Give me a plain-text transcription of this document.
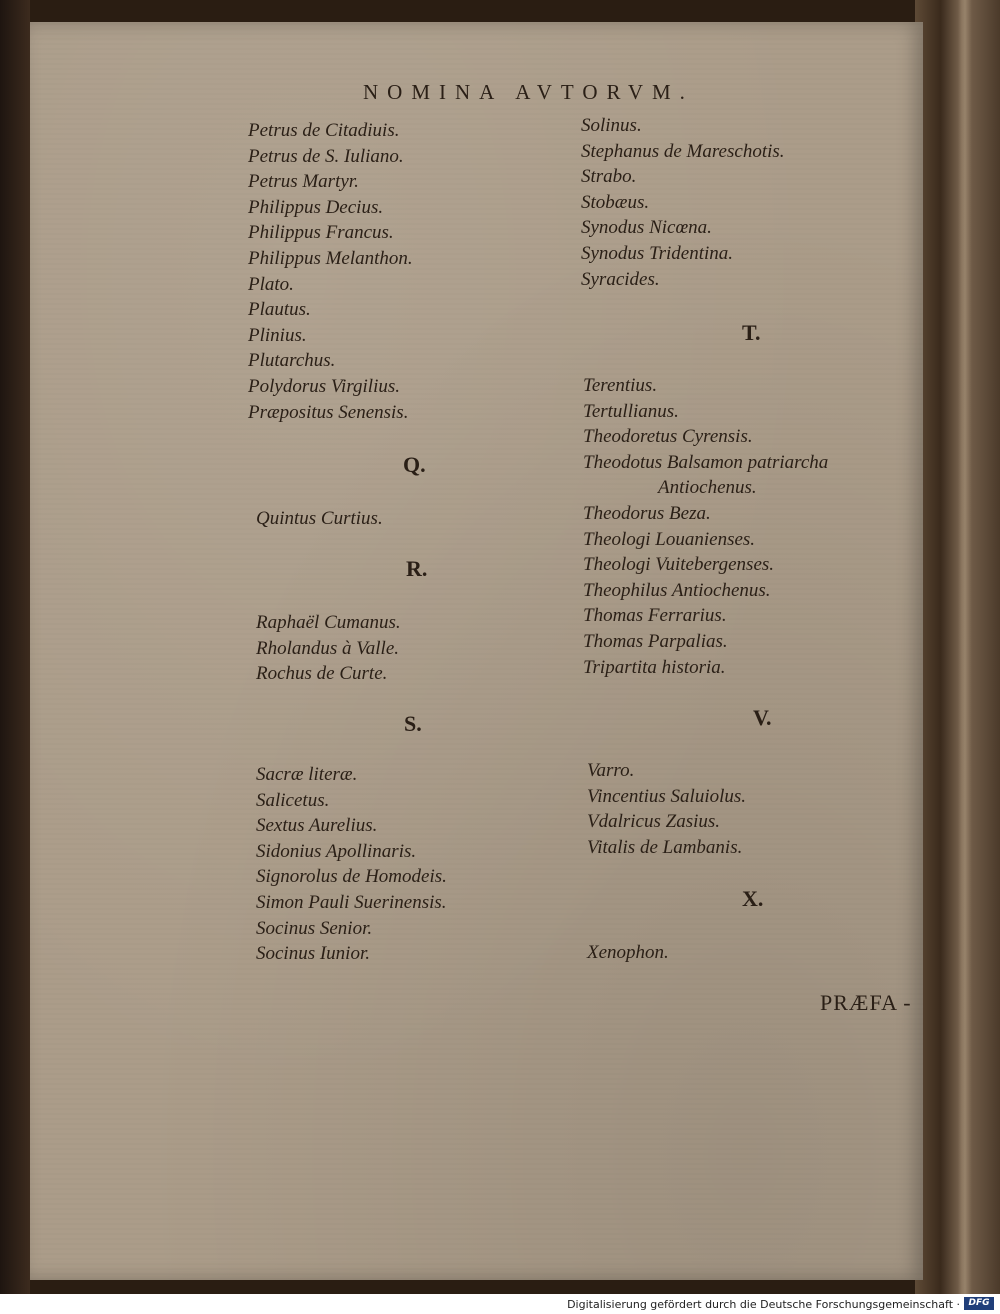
NOMINA AVTORVM.
Petrus de Citadiuis.
Petrus de S. Iuliano.
Petrus Martyr.
Philippus Decius.
Philippus Francus.
Philippus Melanthon.
Plato.
Plautus.
Plinius.
Plutarchus.
Polydorus Virgilius.
Præpositus Senensis.
Q.
Quintus Curtius.
R.
Raphaël Cumanus.
Rholandus à Valle.
Rochus de Curte.
S.
Sacræ literæ.
Salicetus.
Sextus Aurelius.
Sidonius Apollinaris.
Signorolus de Homodeis.
Simon Pauli Suerinensis.
Socinus Senior.
Socinus Iunior.
Solinus.
Stephanus de Mareschotis.
Strabo.
Stobæus.
Synodus Nicœna.
Synodus Tridentina.
Syracides.
T.
Terentius.
Tertullianus.
Theodoretus Cyrensis.
Theodotus Balsamon patriarcha
Antiochenus.
Theodorus Beza.
Theologi Louanienses.
Theologi Vuitebergenses.
Theophilus Antiochenus.
Thomas Ferrarius.
Thomas Parpalias.
Tripartita historia.
V.
Varro.
Vincentius Saluiolus.
Vdalricus Zasius.
Vitalis de Lambanis.
X.
Xenophon.
PRÆFA -
Digitalisierung gefördert durch die Deutsche Forschungsgemeinschaft · DFG
